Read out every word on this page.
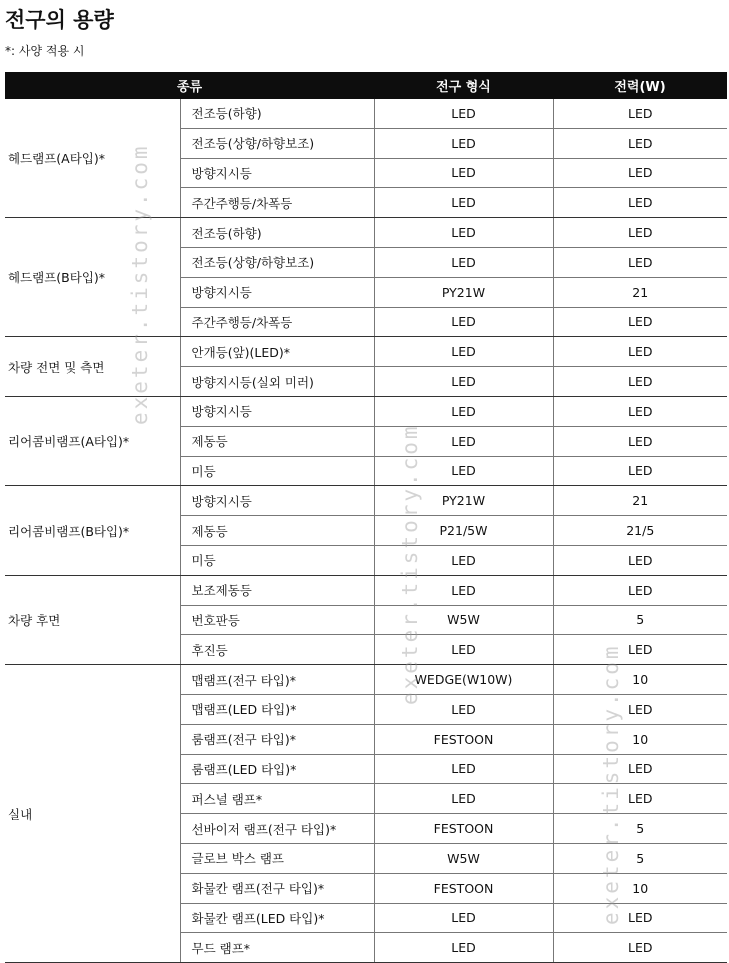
전구의 용량
*: 사양 적용 시
종류		전구 형식	전력(W)
헤드램프(A타입)*	전조등(하향)	LED	LED
	전조등(상향/하향보조)	LED	LED
	방향지시등	LED	LED
	주간주행등/차폭등	LED	LED
헤드램프(B타입)*	전조등(하향)	LED	LED
	전조등(상향/하향보조)	LED	LED
	방향지시등	PY21W	21
	주간주행등/차폭등	LED	LED
차량 전면 및 측면	안개등(앞)(LED)*	LED	LED
	방향지시등(실외 미러)	LED	LED
리어콤비램프(A타입)*	방향지시등	LED	LED
	제동등	LED	LED
	미등	LED	LED
리어콤비램프(B타입)*	방향지시등	PY21W	21
	제동등	P21/5W	21/5
	미등	LED	LED
차량 후면	보조제동등	LED	LED
	번호판등	W5W	5
	후진등	LED	LED
실내	맵램프(전구 타입)*	WEDGE(W10W)	10
	맵램프(LED 타입)*	LED	LED
	룸램프(전구 타입)*	FESTOON	10
	룸램프(LED 타입)*	LED	LED
	퍼스널 램프*	LED	LED
	선바이저 램프(전구 타입)*	FESTOON	5
	글로브 박스 램프	W5W	5
	화물칸 램프(전구 타입)*	FESTOON	10
	화물칸 램프(LED 타입)*	LED	LED
	무드 램프*	LED	LED
exeter.tistory.com
exeter.tistory.com
exeter.tistory.com
